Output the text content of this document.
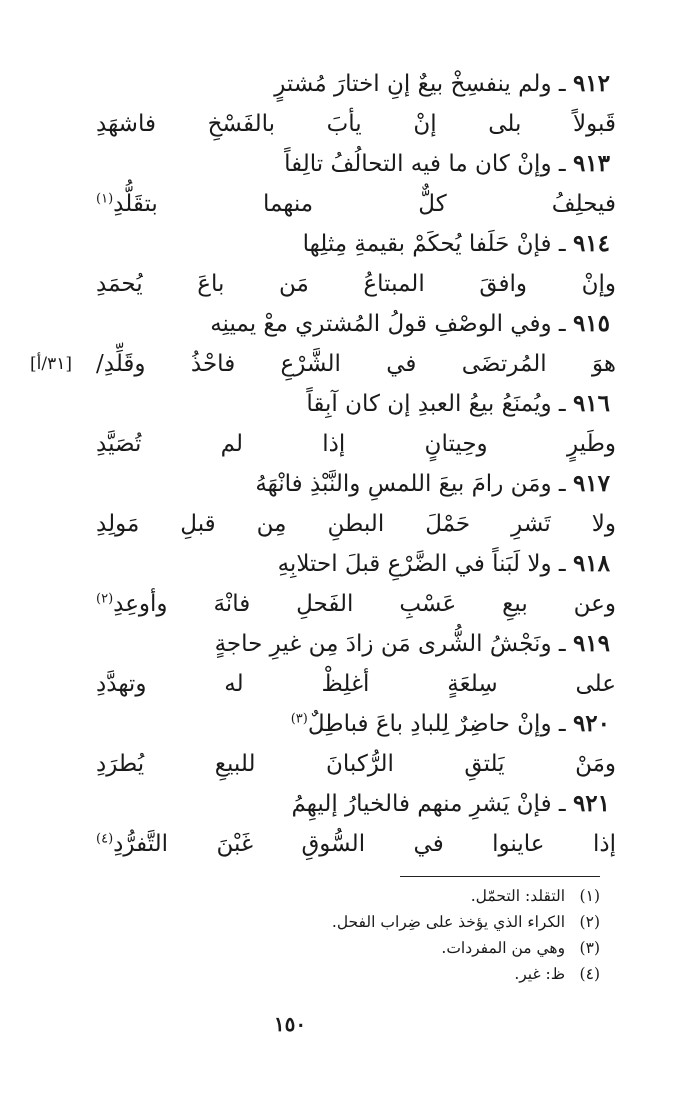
٩١٢ ـ ولم ينفسِخْ بيعٌ إنِ اختارَ مُشترٍ
قَبولاً بلى إنْ يأبَ بالفَسْخِ فاشهَدِ
٩١٣ ـ وإنْ كان ما فيه التحالُفُ تالِفاً
فيحلِفُ كلٌّ منهما بتقَلُّدِ$^{(١)}$
٩١٤ ـ فإنْ حَلَفا يُحكَمْ بقيمةِ مِثلِها
وإنْ وافقَ المبتاعُ مَن باعَ يُحمَدِ
٩١٥ ـ وفي الوصْفِ قولُ المُشتري معْ يمينِه
هوَ المُرتضَى في الشَّرْعِ فاحْذُ وقَلِّدِ/
[٣١/أ]
٩١٦ ـ ويُمنَعُ بيعُ العبدِ إن كان آبِقاً
وطَيرٍ وحِيتانٍ إذا لم تُصَيَّدِ
٩١٧ ـ ومَن رامَ بيعَ اللمسِ والنَّبْذِ فانْهَهُ
ولا تَشرِ حَمْلَ البطنِ مِن قبلِ مَولِدِ
٩١٨ ـ ولا لَبَناً في الضَّرْعِ قبلَ احتلابِهِ
وعن بيعِ عَسْبِ الفَحلِ فانْهَ وأوعِدِ$^{(٢)}$
٩١٩ ـ ونَجْشُ الشُّرى مَن زادَ مِن غيرِ حاجةٍ
على سِلعَةٍ أغلِظْ له وتهدَّدِ
٩٢٠ ـ وإنْ حاضِرٌ لِلبادِ باعَ فباطِلٌ$^{(٣)}$
ومَنْ يَلتقِ الرُّكبانَ للبيعِ يُطرَدِ
٩٢١ ـ فإنْ يَشرِ منهم فالخيارُ إليهِمُ
إذا عاينوا في السُّوقِ غَبْنَ التَّفرُّدِ$^{(٤)}$
(١) التقلد: التحمّل.
(٢) الكراء الذي يؤخذ على ضِراب الفحل.
(٣) وهي من المفردات.
(٤) ظ: غير.
١٥٠
